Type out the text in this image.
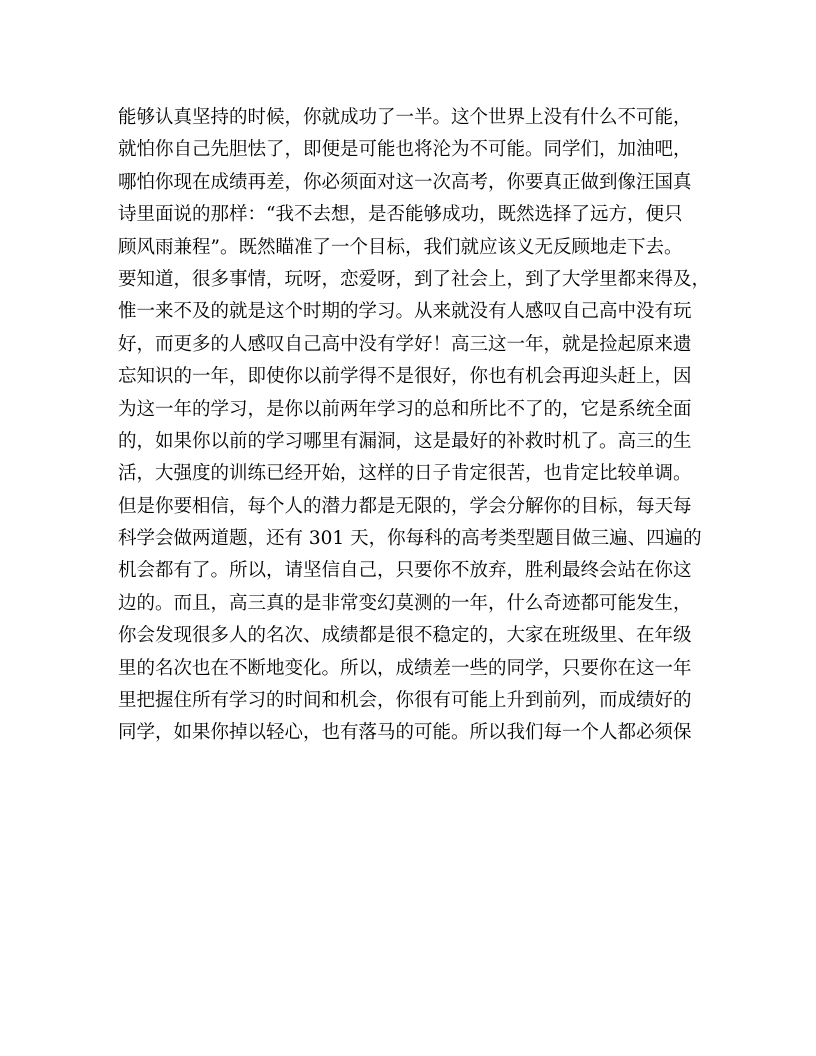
能够认真坚持的时候，你就成功了一半。这个世界上没有什么不可能，
就怕你自己先胆怯了，即便是可能也将沦为不可能。同学们，加油吧，
哪怕你现在成绩再差，你必须面对这一次高考，你要真正做到像汪国真
诗里面说的那样：“我不去想，是否能够成功，既然选择了远方，便只
顾风雨兼程”。既然瞄准了一个目标，我们就应该义无反顾地走下去。
要知道，很多事情，玩呀，恋爱呀，到了社会上，到了大学里都来得及，
惟一来不及的就是这个时期的学习。从来就没有人感叹自己高中没有玩
好，而更多的人感叹自己高中没有学好！高三这一年，就是捡起原来遗
忘知识的一年，即使你以前学得不是很好，你也有机会再迎头赶上，因
为这一年的学习，是你以前两年学习的总和所比不了的，它是系统全面
的，如果你以前的学习哪里有漏洞，这是最好的补救时机了。高三的生
活，大强度的训练已经开始，这样的日子肯定很苦，也肯定比较单调。
但是你要相信，每个人的潜力都是无限的，学会分解你的目标，每天每
科学会做两道题，还有 301 天，你每科的高考类型题目做三遍、四遍的
机会都有了。所以，请坚信自己，只要你不放弃，胜利最终会站在你这
边的。而且，高三真的是非常变幻莫测的一年，什么奇迹都可能发生，
你会发现很多人的名次、成绩都是很不稳定的，大家在班级里、在年级
里的名次也在不断地变化。所以，成绩差一些的同学，只要你在这一年
里把握住所有学习的时间和机会，你很有可能上升到前列，而成绩好的
同学，如果你掉以轻心，也有落马的可能。所以我们每一个人都必须保
